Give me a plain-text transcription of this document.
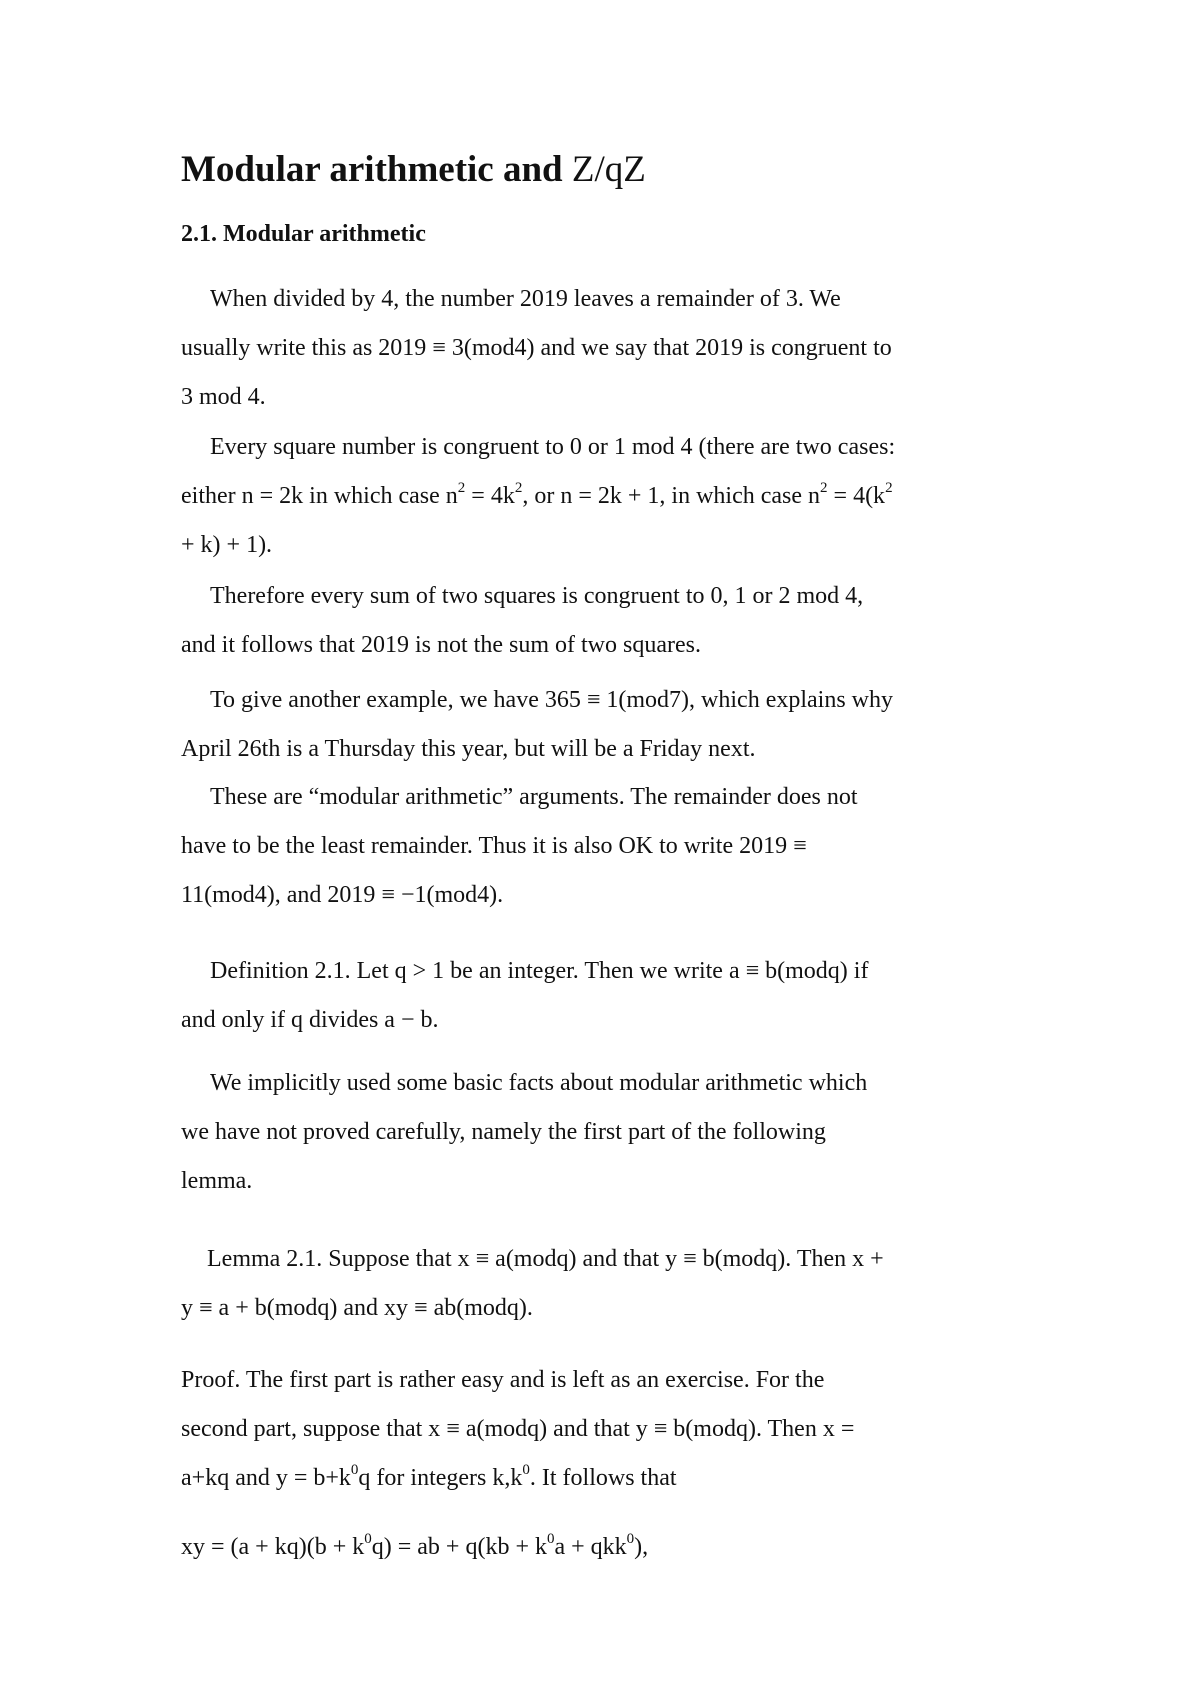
Modular arithmetic and Z/qZ
2.1. Modular arithmetic

When divided by 4, the number 2019 leaves a remainder of 3. We

usually write this as 2019 ≡ 3(mod4) and we say that 2019 is congruent to

3 mod 4.

Every square number is congruent to 0 or 1 mod 4 (there are two cases:

either n = 2k in which case $n^2 = 4k^2$, or n = 2k + 1, in which case $n^2 = 4(k^2$

+ k) + 1).

Therefore every sum of two squares is congruent to 0, 1 or 2 mod 4,

and it follows that 2019 is not the sum of two squares.

To give another example, we have 365 ≡ 1(mod7), which explains why

April 26th is a Thursday this year, but will be a Friday next.

These are “modular arithmetic” arguments. The remainder does not

have to be the least remainder. Thus it is also OK to write 2019 ≡

11(mod4), and 2019 ≡ −1(mod4).

Definition 2.1. Let q > 1 be an integer. Then we write a ≡ b(modq) if

and only if q divides a − b.

We implicitly used some basic facts about modular arithmetic which

we have not proved carefully, namely the first part of the following

lemma.

Lemma 2.1. Suppose that x ≡ a(modq) and that y ≡ b(modq). Then x +

y ≡ a + b(modq) and xy ≡ ab(modq).

Proof. The first part is rather easy and is left as an exercise. For the

second part, suppose that x ≡ a(modq) and that y ≡ b(modq). Then x =

a+kq and $y = b+k^0q$ for integers $k,k^0$. It follows that

xy = $(a + kq)(b + k^0q)$ = ab + $q(kb + k^0a + qkk^0)$,
